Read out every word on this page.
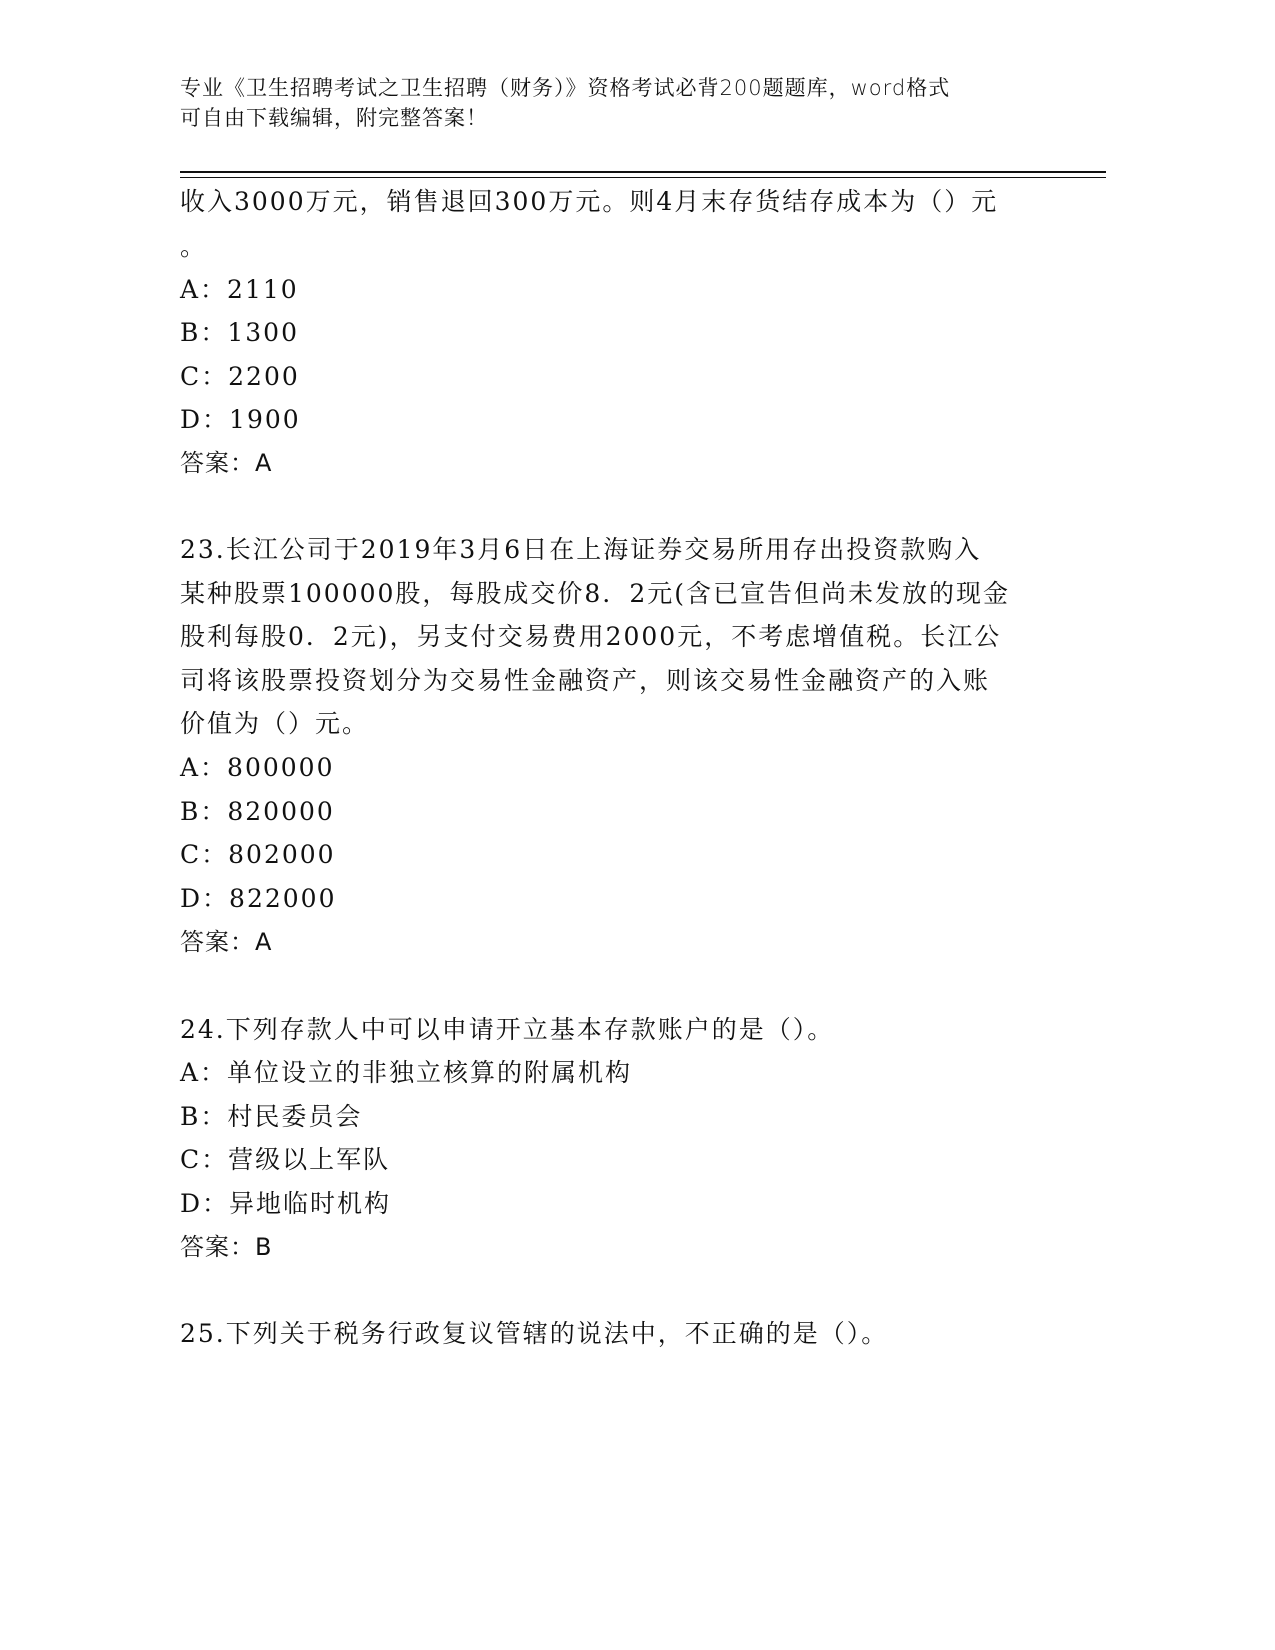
专业《卫生招聘考试之卫生招聘（财务）》资格考试必背200题题库，word格式
可自由下载编辑，附完整答案！
收入3000万元，销售退回300万元。则4月末存货结存成本为（）元
。
A：2110
B：1300
C：2200
D：1900
答案：A
23.长江公司于2019年3月6日在上海证券交易所用存出投资款购入
某种股票100000股，每股成交价8．2元(含已宣告但尚未发放的现金
股利每股0．2元)，另支付交易费用2000元，不考虑增值税。长江公
司将该股票投资划分为交易性金融资产，则该交易性金融资产的入账
价值为（）元。
A：800000
B：820000
C：802000
D：822000
答案：A
24.下列存款人中可以申请开立基本存款账户的是（）。
A：单位设立的非独立核算的附属机构
B：村民委员会
C：营级以上军队
D：异地临时机构
答案：B
25.下列关于税务行政复议管辖的说法中，不正确的是（）。
